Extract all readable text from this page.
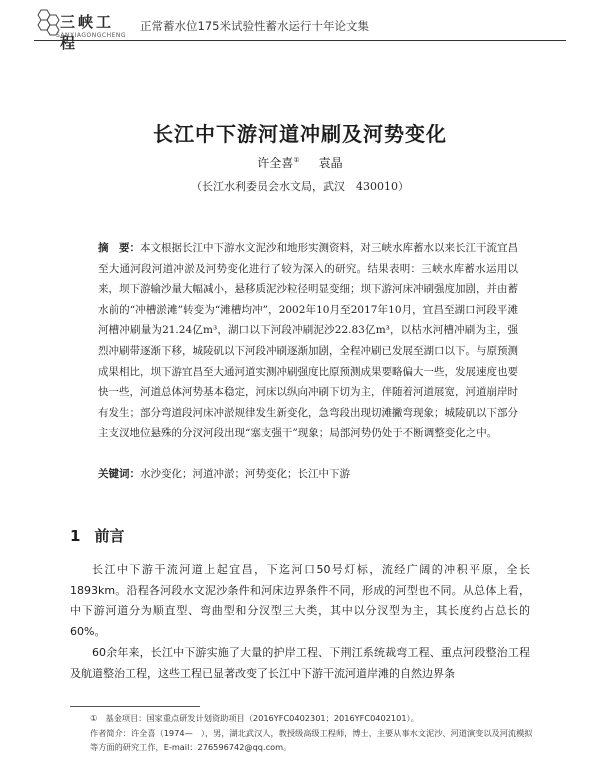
三峡工程
SANXIAGONGCHENG
正常蓄水位175米试验性蓄水运行十年论文集
长江中下游河道冲刷及河势变化
许全喜① 袁晶
（长江水利委员会水文局，武汉　430010）
摘　要：本文根据长江中下游水文泥沙和地形实测资料，对三峡水库蓄水以来长江干流宜昌至大通河段河道冲淤及河势变化进行了较为深入的研究。结果表明：三峡水库蓄水运用以来，坝下游输沙量大幅减小，悬移质泥沙粒径明显变细；坝下游河床冲刷强度加剧，并由蓄水前的“冲槽淤滩”转变为“滩槽均冲”，2002年10月至2017年10月，宜昌至湖口河段平滩河槽冲刷量为21.24亿m³，湖口以下河段冲刷泥沙22.83亿m³，以枯水河槽冲刷为主，强烈冲刷带逐渐下移，城陵矶以下河段冲刷逐渐加剧，全程冲刷已发展至湖口以下。与原预测成果相比，坝下游宜昌至大通河道实测冲刷强度比原预测成果要略偏大一些，发展速度也要快一些，河道总体河势基本稳定，河床以纵向冲刷下切为主，伴随着河道展宽，河道崩岸时有发生；部分弯道段河床冲淤规律发生新变化，急弯段出现切滩撇弯现象；城陵矶以下部分主支汊地位悬殊的分汊河段出现“塞支强干”现象；局部河势仍处于不断调整变化之中。
关键词：水沙变化；河道冲淤；河势变化；长江中下游
1 前言
长江中下游干流河道上起宜昌，下迄河口50号灯标，流经广阔的冲积平原，全长1893km。沿程各河段水文泥沙条件和河床边界条件不同，形成的河型也不同。从总体上看，中下游河道分为顺直型、弯曲型和分汊型三大类，其中以分汊型为主，其长度约占总长的60%。
60余年来，长江中下游实施了大量的护岸工程、下荆江系统裁弯工程、重点河段整治工程及航道整治工程，这些工程已显著改变了长江中下游干流河道岸滩的自然边界条
①　基金项目：国家重点研发计划资助项目（2016YFC0402301；2016YFC0402101）。
作者简介：许全喜（1974—　），男，湖北武汉人，教授级高级工程师，博士，主要从事水文泥沙、河道演变以及河流模拟等方面的研究工作，E-mail：276596742@qq.com。
